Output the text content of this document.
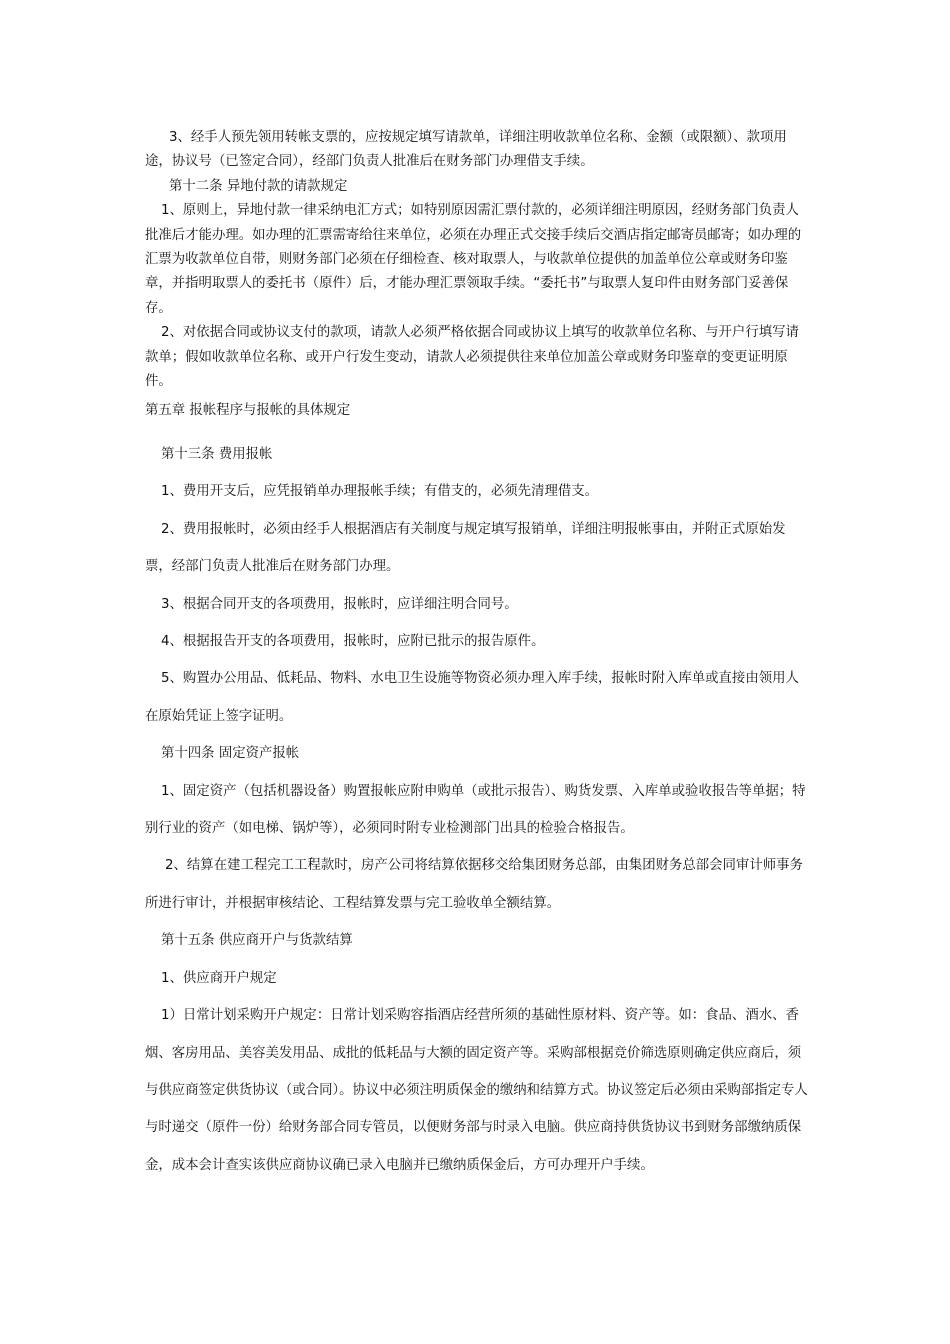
3、经手人预先领用转帐支票的，应按规定填写请款单，详细注明收款单位名称、金额（或限额）、款项用途，协议号（已签定合同），经部门负责人批准后在财务部门办理借支手续。

第十二条 异地付款的请款规定

1、原则上，异地付款一律采纳电汇方式；如特别原因需汇票付款的，必须详细注明原因，经财务部门负责人批准后才能办理。如办理的汇票需寄给往来单位，必须在办理正式交接手续后交酒店指定邮寄员邮寄；如办理的汇票为收款单位自带，则财务部门必须在仔细检查、核对取票人，与收款单位提供的加盖单位公章或财务印鉴章，并指明取票人的委托书（原件）后，才能办理汇票领取手续。“委托书”与取票人复印件由财务部门妥善保存。

2、对依据合同或协议支付的款项，请款人必须严格依据合同或协议上填写的收款单位名称、与开户行填写请款单；假如收款单位名称、或开户行发生变动，请款人必须提供往来单位加盖公章或财务印鉴章的变更证明原件。

第五章 报帐程序与报帐的具体规定

第十三条 费用报帐

1、费用开支后，应凭报销单办理报帐手续；有借支的，必须先清理借支。

2、费用报帐时，必须由经手人根据酒店有关制度与规定填写报销单，详细注明报帐事由，并附正式原始发票，经部门负责人批准后在财务部门办理。

3、根据合同开支的各项费用，报帐时，应详细注明合同号。

4、根据报告开支的各项费用，报帐时，应附已批示的报告原件。

5、购置办公用品、低耗品、物料、水电卫生设施等物资必须办理入库手续，报帐时附入库单或直接由领用人在原始凭证上签字证明。

第十四条 固定资产报帐

1、固定资产（包括机器设备）购置报帐应附申购单（或批示报告）、购货发票、入库单或验收报告等单据；特别行业的资产（如电梯、锅炉等），必须同时附专业检测部门出具的检验合格报告。

2、结算在建工程完工工程款时，房产公司将结算依据移交给集团财务总部，由集团财务总部会同审计师事务所进行审计，并根据审核结论、工程结算发票与完工验收单全额结算。

第十五条 供应商开户与货款结算

1、供应商开户规定

1）日常计划采购开户规定：日常计划采购容指酒店经营所须的基础性原材料、资产等。如：食品、酒水、香烟、客房用品、美容美发用品、成批的低耗品与大额的固定资产等。采购部根据竞价筛选原则确定供应商后，须与供应商签定供货协议（或合同）。协议中必须注明质保金的缴纳和结算方式。协议签定后必须由采购部指定专人与时递交（原件一份）给财务部合同专管员，以便财务部与时录入电脑。供应商持供货协议书到财务部缴纳质保金，成本会计查实该供应商协议确已录入电脑并已缴纳质保金后，方可办理开户手续。
